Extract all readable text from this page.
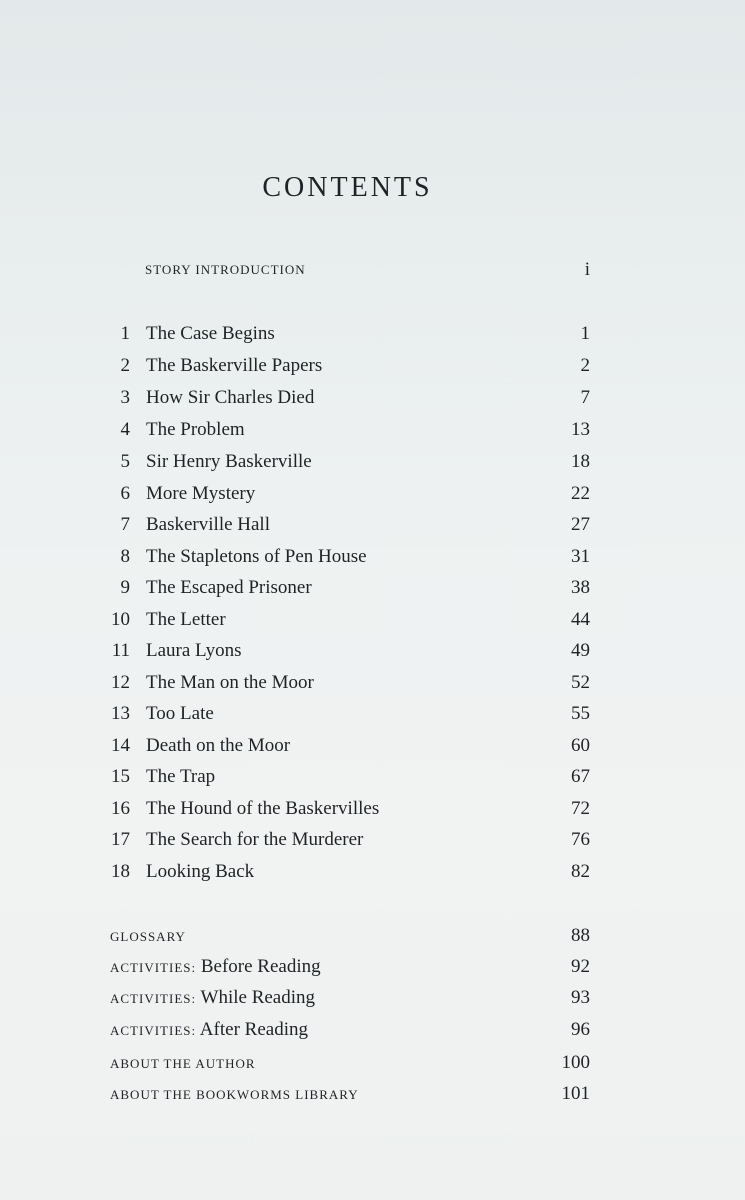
CONTENTS
STORY INTRODUCTION	i
1 The Case Begins	1
2 The Baskerville Papers	2
3 How Sir Charles Died	7
4 The Problem	13
5 Sir Henry Baskerville	18
6 More Mystery	22
7 Baskerville Hall	27
8 The Stapletons of Pen House	31
9 The Escaped Prisoner	38
10 The Letter	44
11 Laura Lyons	49
12 The Man on the Moor	52
13 Too Late	55
14 Death on the Moor	60
15 The Trap	67
16 The Hound of the Baskervilles	72
17 The Search for the Murderer	76
18 Looking Back	82
GLOSSARY	88
ACTIVITIES: Before Reading	92
ACTIVITIES: While Reading	93
ACTIVITIES: After Reading	96
ABOUT THE AUTHOR	100
ABOUT THE BOOKWORMS LIBRARY	101
